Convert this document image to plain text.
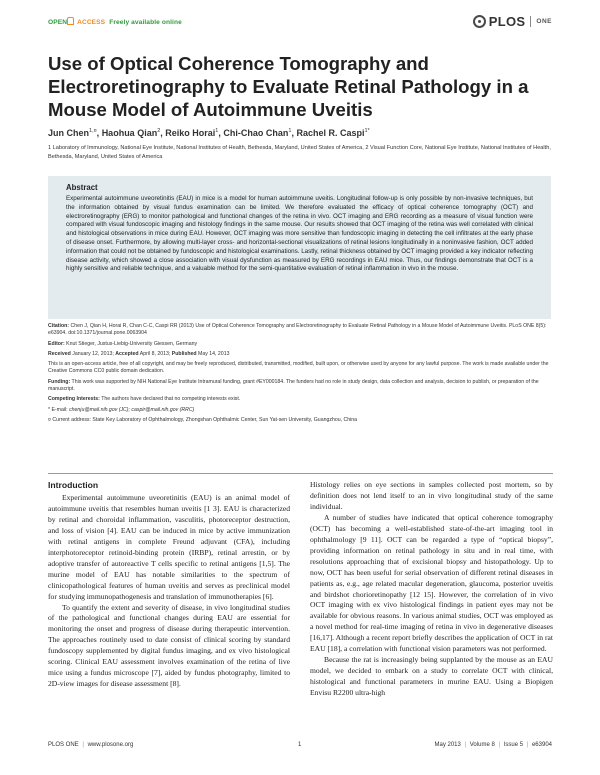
OPEN ACCESS Freely available online	PLOS ONE
Use of Optical Coherence Tomography and Electroretinography to Evaluate Retinal Pathology in a Mouse Model of Autoimmune Uveitis
Jun Chen$^{1,¤}$, Haohua Qian$^2$, Reiko Horai$^1$, Chi-Chao Chan$^1$, Rachel R. Caspi$^{1*}$
1 Laboratory of Immunology, National Eye Institute, National Institutes of Health, Bethesda, Maryland, United States of America, 2 Visual Function Core, National Eye Institute, National Institutes of Health, Bethesda, Maryland, United States of America
Abstract

Experimental autoimmune uveoretinitis (EAU) in mice is a model for human autoimmune uveitis. Longitudinal follow-up is only possible by non-invasive techniques, but the information obtained by visual fundus examination can be limited. We therefore evaluated the efficacy of optical coherence tomography (OCT) and electroretinography (ERG) to monitor pathological and functional changes of the retina in vivo. OCT imaging and ERG recording as a measure of visual function were compared with visual fundoscopic imaging and histology findings in the same mouse. Our results showed that OCT imaging of the retina was well correlated with clinical and histological observations in mice during EAU. However, OCT imaging was more sensitive than fundoscopic imaging in detecting the cell infiltrates at the early phase of disease onset. Furthermore, by allowing multi-layer cross- and horizontal-sectional visualizations of retinal lesions longitudinally in a noninvasive fashion, OCT added information that could not be obtained by fundoscopic and histological examinations. Lastly, retinal thickness obtained by OCT imaging provided a key indicator reflecting disease activity, which showed a close association with visual dysfunction as measured by ERG recordings in EAU mice. Thus, our findings demonstrate that OCT is a highly sensitive and reliable technique, and a valuable method for the semi-quantitative evaluation of retinal inflammation in vivo in the mouse.

Citation: Chen J, Qian H, Horai R, Chan C-C, Caspi RR (2013) Use of Optical Coherence Tomography and Electroretinography to Evaluate Retinal Pathology in a Mouse Model of Autoimmune Uveitis. PLoS ONE 8(5): e63904. doi:10.1371/journal.pone.0063904

Editor: Knut Stieger, Justus-Liebig-University Giessen, Germany

Received January 12, 2013; Accepted April 8, 2013; Published May 14, 2013

This is an open-access article, free of all copyright, and may be freely reproduced, distributed, transmitted, modified, built upon, or otherwise used by anyone for any lawful purpose. The work is made available under the Creative Commons CC0 public domain dedication.

Funding: This work was supported by NIH National Eye Institute Intramural funding, grant #EY000184. The funders had no role in study design, data collection and analysis, decision to publish, or preparation of the manuscript.

Competing Interests: The authors have declared that no competing interests exist.

* E-mail: chenju@mail.nih.gov (JC); caspir@mail.nih.gov (RRC)

¤ Current address: State Key Laboratory of Ophthalmology, Zhongshan Ophthalmic Center, Sun Yat-sen University, Guangzhou, China

Introduction

Experimental autoimmune uveoretinitis (EAU) is an animal model of autoimmune uveitis that resembles human uveitis [1 3]. EAU is characterized by retinal and choroidal inflammation, vasculitis, photoreceptor destruction, and loss of vision [4]. EAU can be induced in mice by active immunization with retinal antigens in complete Freund adjuvant (CFA), including interphotoreceptor retinoid-binding protein (IRBP), retinal arrestin, or by adoptive transfer of autoreactive T cells specific to retinal antigens [1,5]. The murine model of EAU has notable similarities to the spectrum of clinicopathological features of human uveitis and serves as preclinical model for studying immunopathogenesis and translation of immunotherapies [6].

To quantify the extent and severity of disease, in vivo longitudinal studies of the pathological and functional changes during EAU are essential for monitoring the onset and progress of disease during therapeutic intervention. The approaches routinely used to date consist of clinical scoring by standard fundoscopy supplemented by digital fundus imaging, and ex vivo histological scoring. Clinical EAU assessment involves examination of the retina of live mice using a fundus microscope [7], aided by fundus photography, limited to 2D-view images for disease assessment [8].

Histology relies on eye sections in samples collected post mortem, so by definition does not lend itself to an in vivo longitudinal study of the same individual.

A number of studies have indicated that optical coherence tomography (OCT) has becoming a well-established state-of-the-art imaging tool in ophthalmology [9 11]. OCT can be regarded a type of “optical biopsy”, providing information on retinal pathology in situ and in real time, with resolutions approaching that of excisional biopsy and histopathology. Up to now, OCT has been useful for serial observation of different retinal diseases in patients as, e.g., age related macular degeneration, glaucoma, posterior uveitis and birdshot chorioretinopathy [12 15]. However, the correlation of in vivo OCT imaging with ex vivo histological findings in patient eyes may not be available for obvious reasons. In various animal studies, OCT was employed as a novel method for real-time imaging of retina in vivo in degenerative diseases [16,17]. Although a recent report briefly describes the application of OCT in rat EAU [18], a correlation with functional vision parameters was not performed.

Because the rat is increasingly being supplanted by the mouse as an EAU model, we decided to embark on a study to correlate OCT with clinical, histological and functional parameters in murine EAU. Using a Biopigen Envisu R2200 ultra-high

PLOS ONE | www.plosone.org	1	May 2013 | Volume 8 | Issue 5 | e63904
